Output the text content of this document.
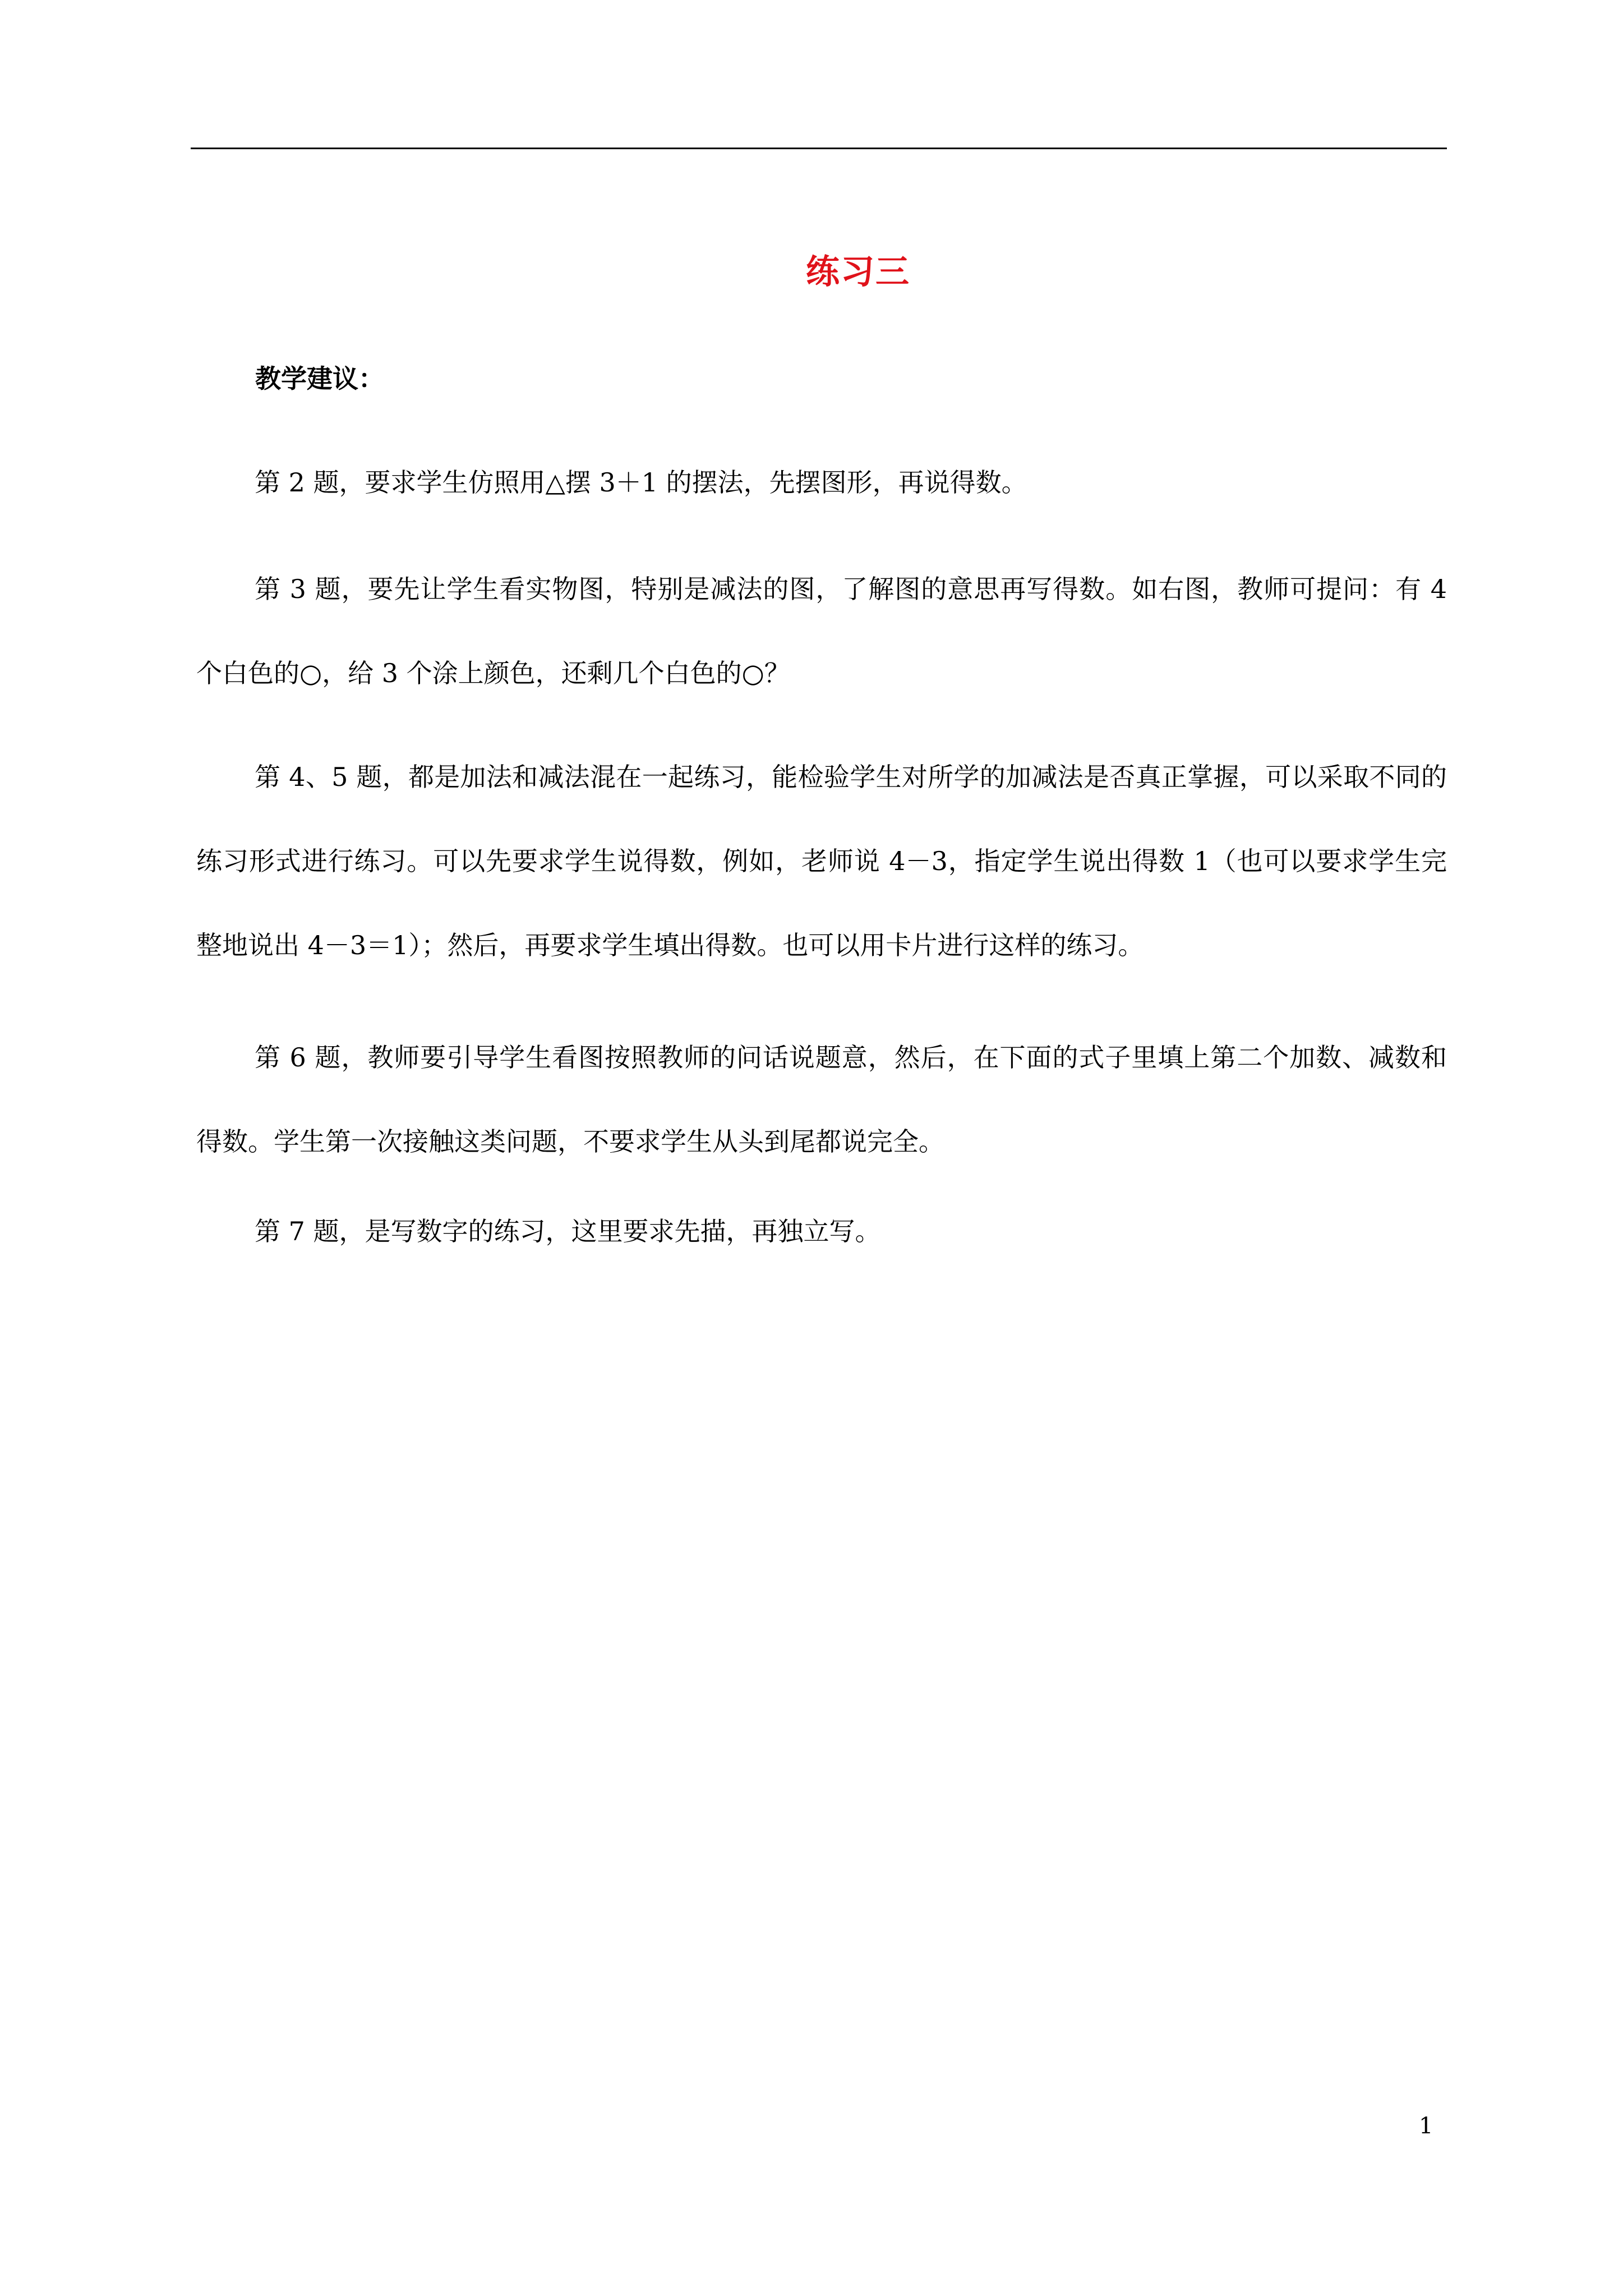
练习三
教学建议：

第 2 题，要求学生仿照用△摆 3＋1 的摆法，先摆图形，再说得数。

第 3 题，要先让学生看实物图，特别是减法的图，了解图的意思再写得数。如右图，教师可提问：有 4 个白色的○，给 3 个涂上颜色，还剩几个白色的○？

第 4、5 题，都是加法和减法混在一起练习，能检验学生对所学的加减法是否真正掌握，可以采取不同的练习形式进行练习。可以先要求学生说得数，例如，老师说 4－3，指定学生说出得数 1（也可以要求学生完整地说出 4－3＝1）；然后，再要求学生填出得数。也可以用卡片进行这样的练习。

第 6 题，教师要引导学生看图按照教师的问话说题意，然后，在下面的式子里填上第二个加数、减数和得数。学生第一次接触这类问题，不要求学生从头到尾都说完全。

第 7 题，是写数字的练习，这里要求先描，再独立写。

1
